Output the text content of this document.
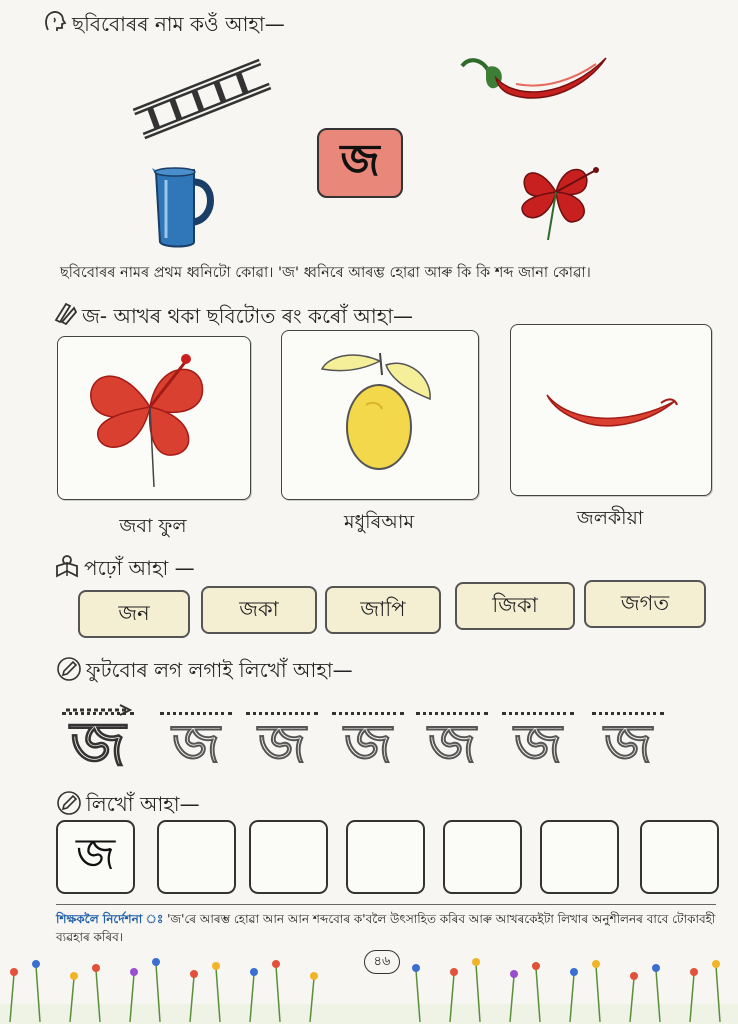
ছবিবোৰৰ নাম কওঁ আহা—
জ
ছবিবোৰৰ নামৰ প্ৰথম ধ্বনিটো কোৱা। 'জ' ধ্বনিৰে আৰম্ভ হোৱা আৰু কি কি শব্দ জানা কোৱা।
জ- আখৰ থকা ছবিটোত ৰং কৰোঁ আহা—
জবা ফুল	মধুৰিআম	জলকীয়া
পঢ়োঁ আহা —
জন	জকা	জাপি	জিকা	জগত
ফুটবোৰ লগ লগাই লিখোঁ আহা—
জ জ জ জ জ জ জ
লিখোঁ আহা—
জ
শিক্ষকলৈ নিৰ্দেশনা ঃ 'জ'ৰে আৰম্ভ হোৱা আন আন শব্দবোৰ ক'বলৈ উৎসাহিত কৰিব আৰু আখৰকেইটা লিখাৰ অনুশীলনৰ বাবে টোকাবহী ব্যৱহাৰ কৰিব।
৪৬
